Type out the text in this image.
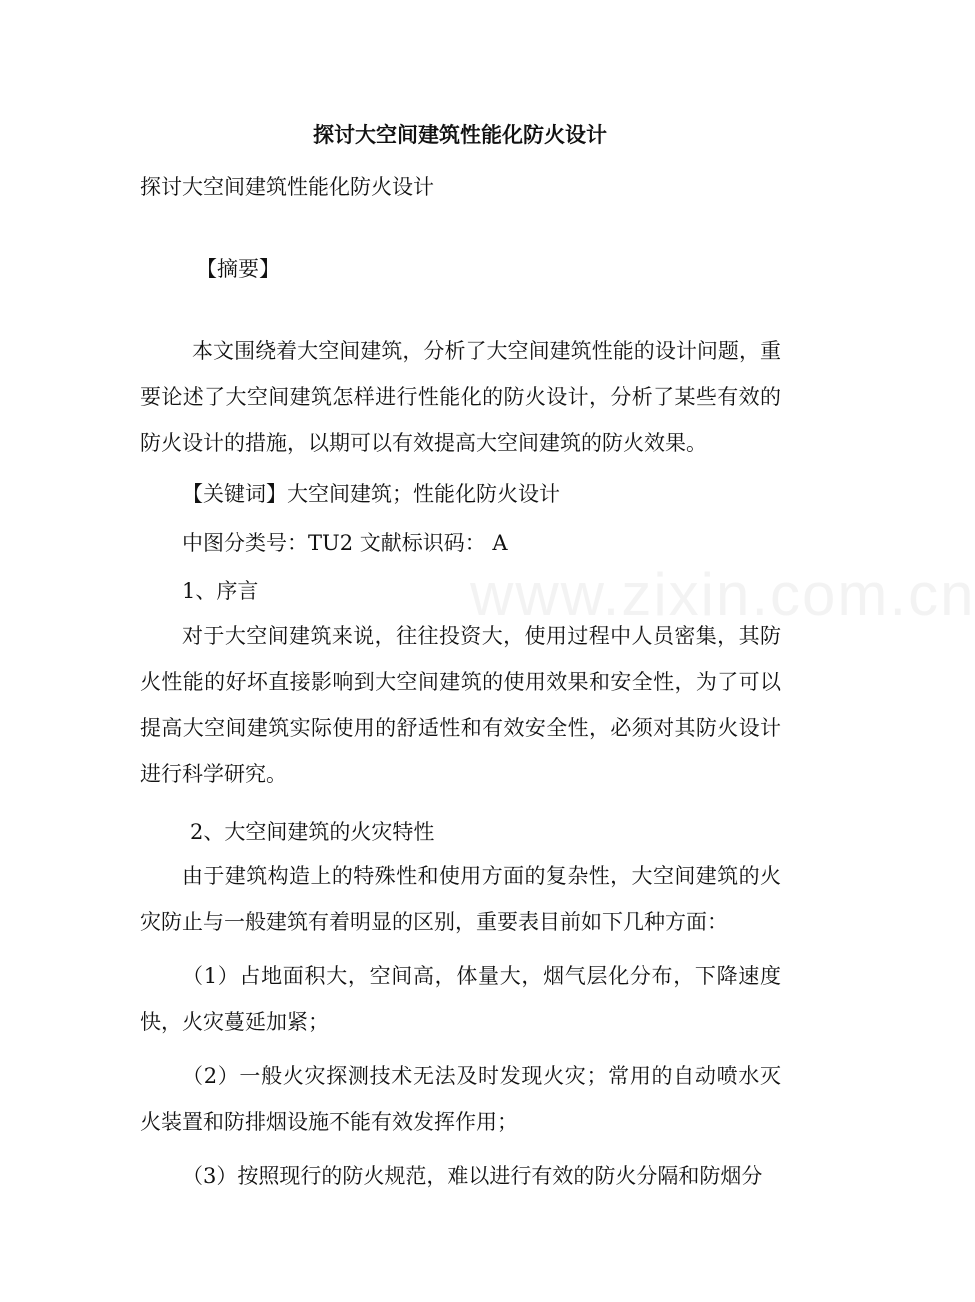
www.zixin.com.cn
探讨大空间建筑性能化防火设计
探讨大空间建筑性能化防火设计
【摘要】
本文围绕着大空间建筑，分析了大空间建筑性能的设计问题，重要论述了大空间建筑怎样进行性能化的防火设计，分析了某些有效的防火设计的措施，以期可以有效提高大空间建筑的防火效果。
【关键词】大空间建筑；性能化防火设计
中图分类号：TU2 文献标识码： A
1、序言
对于大空间建筑来说，往往投资大，使用过程中人员密集，其防火性能的好坏直接影响到大空间建筑的使用效果和安全性，为了可以提高大空间建筑实际使用的舒适性和有效安全性，必须对其防火设计进行科学研究。
2、大空间建筑的火灾特性
由于建筑构造上的特殊性和使用方面的复杂性，大空间建筑的火灾防止与一般建筑有着明显的区别，重要表目前如下几种方面：
（1）占地面积大，空间高，体量大，烟气层化分布，下降速度快，火灾蔓延加紧；
（2）一般火灾探测技术无法及时发现火灾；常用的自动喷水灭火装置和防排烟设施不能有效发挥作用；
（3）按照现行的防火规范，难以进行有效的防火分隔和防烟分
